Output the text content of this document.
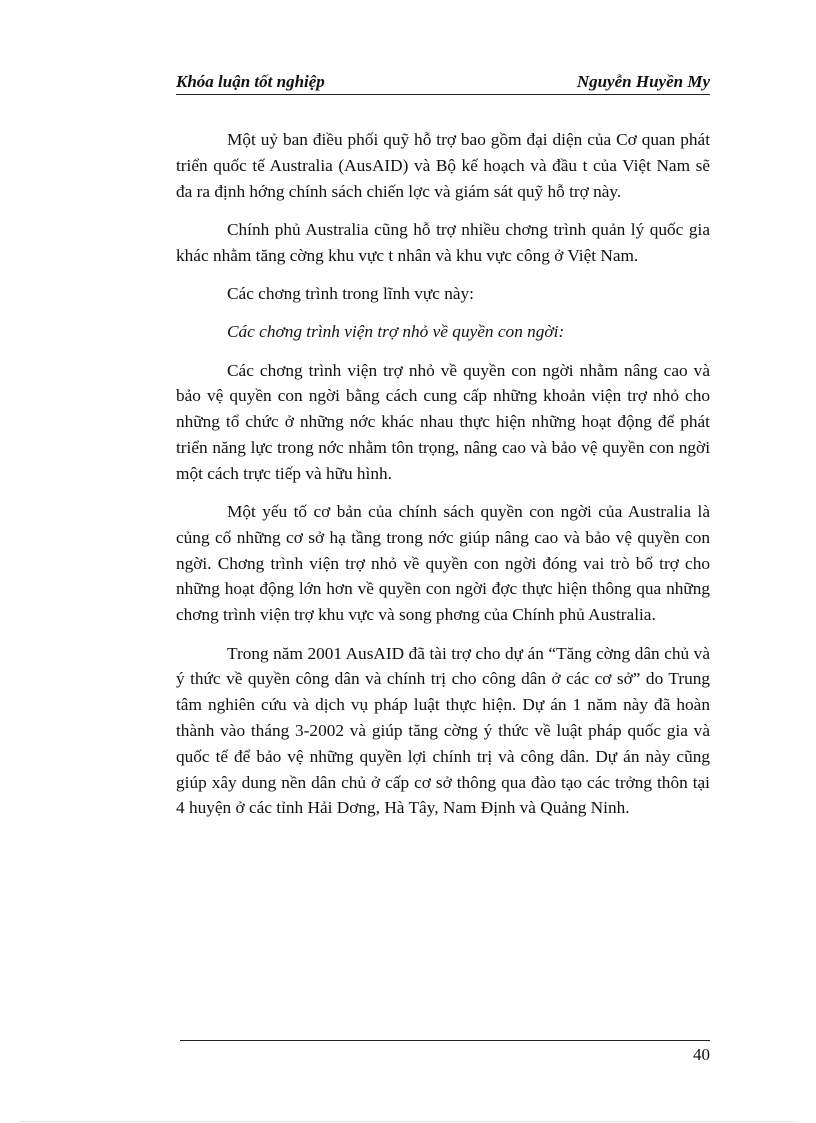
Khóa luận tốt nghiệp	Nguyễn Huyền My

Một uỷ ban điều phối quỹ hỗ trợ bao gồm đại diện của Cơ quan phát triển quốc tế Australia (AusAID) và Bộ kế hoạch và đầu t của Việt Nam sẽ đa ra định hớng chính sách chiến lợc và giám sát quỹ hỗ trợ này.

Chính phủ Australia cũng hỗ trợ nhiều chơng trình quản lý quốc gia khác nhằm tăng cờng khu vực t nhân và khu vực công ở Việt Nam.

Các chơng trình trong lĩnh vực này:

Các chơng trình viện trợ nhỏ về quyền con ngời:

Các chơng trình viện trợ nhỏ về quyền con ngời nhằm nâng cao và bảo vệ quyền con ngời bằng cách cung cấp những khoản viện trợ nhỏ cho những tổ chức ở những nớc khác nhau thực hiện những hoạt động để phát triển năng lực trong nớc nhằm tôn trọng, nâng cao và bảo vệ quyền con ngời một cách trực tiếp và hữu hình.

Một yếu tố cơ bản của chính sách quyền con ngời của Australia là củng cố những cơ sở hạ tầng trong nớc giúp nâng cao và bảo vệ quyền con ngời. Chơng trình viện trợ nhỏ về quyền con ngời đóng vai trò bổ trợ cho những hoạt động lớn hơn về quyền con ngời đợc thực hiện thông qua những chơng trình viện trợ khu vực và song phơng của Chính phủ Australia.

Trong năm 2001 AusAID đã tài trợ cho dự án “Tăng cờng dân chủ và ý thức về quyền công dân và chính trị cho công dân ở các cơ sở” do Trung tâm nghiên cứu và dịch vụ pháp luật thực hiện. Dự án 1 năm này đã hoàn thành vào tháng 3-2002 và giúp tăng cờng ý thức về luật pháp quốc gia và quốc tế để bảo vệ những quyền lợi chính trị và công dân. Dự án này cũng giúp xây dung nền dân chủ ở cấp cơ sở thông qua đào tạo các trởng thôn tại 4 huyện ở các tỉnh Hải Dơng, Hà Tây, Nam Định và Quảng Ninh.

40
